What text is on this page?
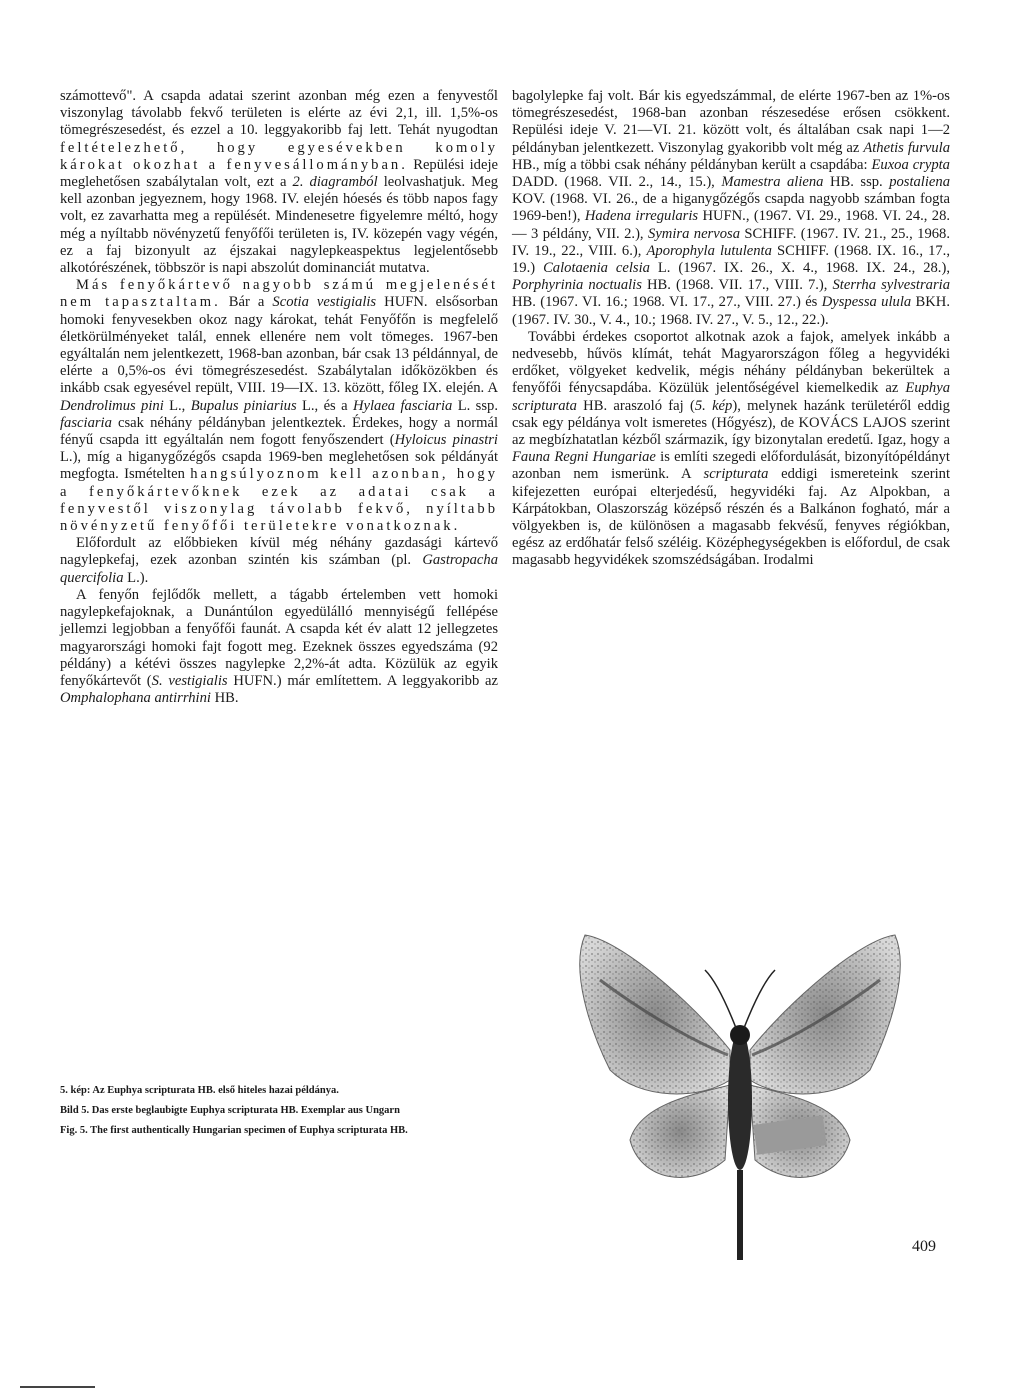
számottevő". A csapda adatai szerint azonban még ezen a fenyvestől viszonylag távolabb fekvő területen is elérte az évi 2,1, ill. 1,5%-os tömegrészesedést, és ezzel a 10. leggyakoribb faj lett. Tehát nyugodtan feltételezhető, hogy egyesévekben komoly károkat okozhat a fenyvesállományban. Repülési ideje meglehetősen szabálytalan volt, ezt a 2. diagramból leolvashatjuk. Meg kell azonban jegyeznem, hogy 1968. IV. elején hóesés és több napos fagy volt, ez zavarhatta meg a repülését. Mindenesetre figyelemre méltó, hogy még a nyíltabb növényzetű fenyőfői területen is, IV. közepén vagy végén, ez a faj bizonyult az éjszakai nagylepkeaspektus legjelentősebb alkotórészének, többször is napi abszolút dominanciát mutatva.

Más fenyőkártevő nagyobb számú megjelenését nem tapasztaltam. Bár a Scotia vestigialis HUFN. elsősorban homoki fenyvesekben okoz nagy károkat, tehát Fenyőfőn is megfelelő életkörülményeket talál, ennek ellenére nem volt tömeges. 1967-ben egyáltalán nem jelentkezett, 1968-ban azonban, bár csak 13 példánnyal, de elérte a 0,5%-os évi tömegrészesedést. Szabálytalan időközökben és inkább csak egyesével repült, VIII. 19—IX. 13. között, főleg IX. elején. A Dendrolimus pini L., Bupalus piniarius L., és a Hylaea fasciaria L. ssp. fasciaria csak néhány példányban jelentkeztek. Érdekes, hogy a normál fényű csapda itt egyáltalán nem fogott fenyőszendert (Hyloicus pinastri L.), míg a higanygőzégős csapda 1969-ben meglehetősen sok példányát megfogta. Ismételten hangsúlyoznom kell azonban, hogy a fenyőkártevőknek ezek az adatai csak a fenyvestől viszonylag távolabb fekvő, nyíltabb növényzetű fenyőfői területekre vonatkoznak.

Előfordult az előbbieken kívül még néhány gazdasági kártevő nagylepkefaj, ezek azonban szintén kis számban (pl. Gastropacha quercifolia L.).

A fenyőn fejlődők mellett, a tágabb értelemben vett homoki nagylepkefajoknak, a Dunántúlon egyedülálló mennyiségű fellépése jellemzi legjobban a fenyőfői faunát. A csapda két év alatt 12 jellegzetes magyarországi homoki fajt fogott meg. Ezeknek összes egyedszáma (92 példány) a kétévi összes nagylepke 2,2%-át adta. Közülük az egyik fenyőkártevőt (S. vestigialis HUFN.) már említettem. A leggyakoribb az Omphalophana antirrhini HB.

bagolylepke faj volt. Bár kis egyedszámmal, de elérte 1967-ben az 1%-os tömegrészesedést, 1968-ban azonban részesedése erősen csökkent. Repülési ideje V. 21—VI. 21. között volt, és általában csak napi 1—2 példányban jelentkezett. Viszonylag gyakoribb volt még az Athetis furvula HB., míg a többi csak néhány példányban került a csapdába: Euxoa crypta DADD. (1968. VII. 2., 14., 15.), Mamestra aliena HB. ssp. postaliena KOV. (1968. VI. 26., de a higanygőzégős csapda nagyobb számban fogta 1969-ben!), Hadena irregularis HUFN., (1967. VI. 29., 1968. VI. 24., 28. — 3 példány, VII. 2.), Symira nervosa SCHIFF. (1967. IV. 21., 25., 1968. IV. 19., 22., VIII. 6.), Aporophyla lutulenta SCHIFF. (1968. IX. 16., 17., 19.) Calotaenia celsia L. (1967. IX. 26., X. 4., 1968. IX. 24., 28.), Porphyrinia noctualis HB. (1968. VII. 17., VIII. 7.), Sterrha sylvestraria HB. (1967. VI. 16.; 1968. VI. 17., 27., VIII. 27.) és Dyspessa ulula BKH. (1967. IV. 30., V. 4., 10.; 1968. IV. 27., V. 5., 12., 22.).

További érdekes csoportot alkotnak azok a fajok, amelyek inkább a nedvesebb, hűvös klímát, tehát Magyarországon főleg a hegyvidéki erdőket, völgyeket kedvelik, mégis néhány példányban bekerültek a fenyőfői fénycsapdába. Közülük jelentőségével kiemelkedik az Euphya scripturata HB. araszoló faj (5. kép), melynek hazánk területéről eddig csak egy példánya volt ismeretes (Hőgyész), de KOVÁCS LAJOS szerint az megbízhatatlan kézből származik, így bizonytalan eredetű. Igaz, hogy a Fauna Regni Hungariae is említi szegedi előfordulását, bizonyítópéldányt azonban nem ismerünk. A scripturata eddigi ismereteink szerint kifejezetten európai elterjedésű, hegyvidéki faj. Az Alpokban, a Kárpátokban, Olaszország középső részén és a Balkánon fogható, már a völgyekben is, de különösen a magasabb fekvésű, fenyves régiókban, egész az erdőhatár felső széléig. Középhegységekben is előfordul, de csak magasabb hegyvidékek szomszédságában. Irodalmi

5. kép: Az Euphya scripturata HB. első hiteles hazai példánya.

Bild 5. Das erste beglaubigte Euphya scripturata HB. Exemplar aus Ungarn

Fig. 5. The first authentically Hungarian specimen of Euphya scripturata HB.

409
